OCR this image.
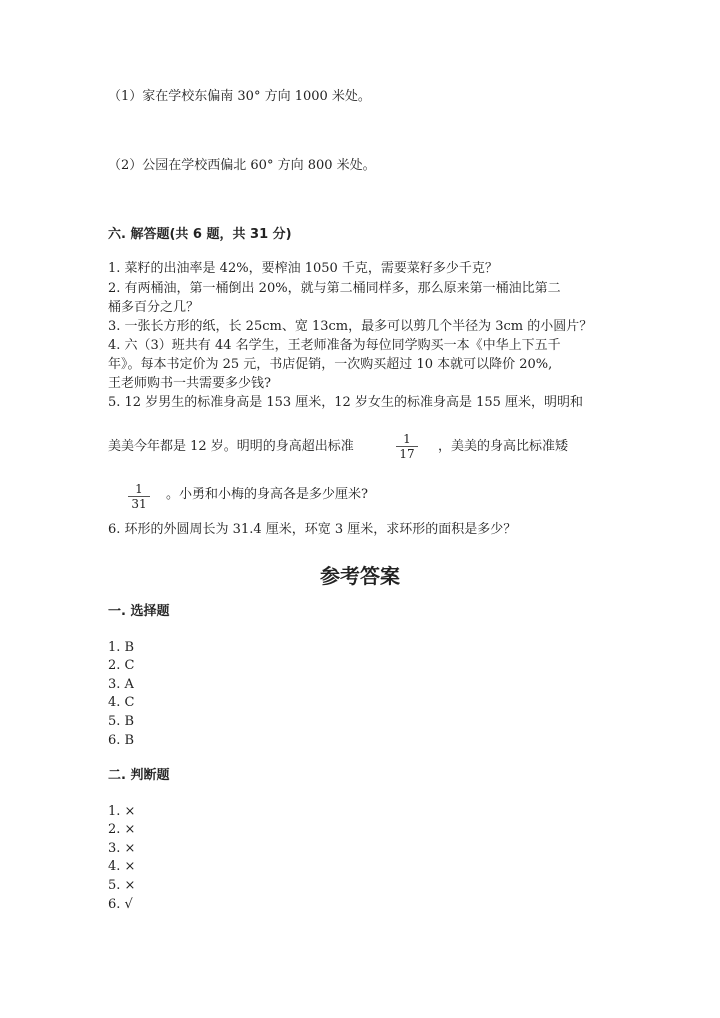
（1）家在学校东偏南 30° 方向 1000 米处。
（2）公园在学校西偏北 60° 方向 800 米处。
六. 解答题(共 6 题，共 31 分)
1. 菜籽的出油率是 42%，要榨油 1050 千克，需要菜籽多少千克？
2. 有两桶油，第一桶倒出 20%，就与第二桶同样多，那么原来第一桶油比第二
桶多百分之几？
3. 一张长方形的纸，长 25cm、宽 13cm，最多可以剪几个半径为 3cm 的小圆片？
4. 六（3）班共有 44 名学生，王老师准备为每位同学购买一本《中华上下五千
年》。每本书定价为 25 元，书店促销，一次购买超过 10 本就可以降价 20%,
王老师购书一共需要多少钱?
5. 12 岁男生的标准身高是 153 厘米，12 岁女生的标准身高是 155 厘米，明明和
美美今年都是 12 岁。明明的身高超出标准	$\frac{1}{17}$ ，美美的身高比标准矮
$\frac{1}{31}$ 。小勇和小梅的身高各是多少厘米?
6. 环形的外圆周长为 31.4 厘米，环宽 3 厘米，求环形的面积是多少？
参考答案
一. 选择题
1. B
2. C
3. A
4. C
5. B
6. B
二. 判断题
1. ×
2. ×
3. ×
4. ×
5. ×
6. √
